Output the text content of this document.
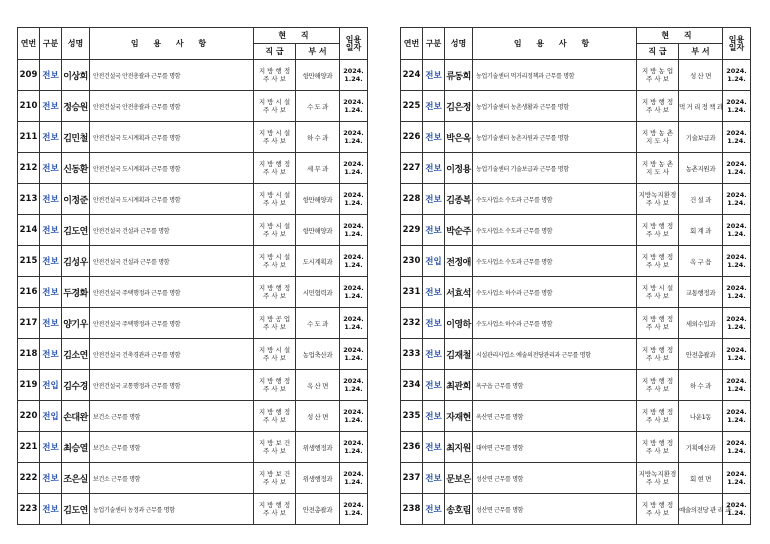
연번	구분	성명	임 용 사 항	현 직		임용
일자

				직 급	부 서	
209	전보	이상희	안전건설국 안전총괄과 근무를 명함	지 방 행 정
주 사 보	항만해양과	2024.
1.24.

210	전보	정승원	안전건설국 안전총괄과 근무를 명함	지 방 시 설
주 사 보	수 도 과	2024.
1.24.

211	전보	김민철	안전건설국 도시계획과 근무를 명함	지 방 시 설
주 사 보	하 수 과	2024.
1.24.

212	전보	신동환	안전건설국 도시계획과 근무를 명함	지 방 행 정
주 사 보	세 무 과	2024.
1.24.

213	전보	이정준	안전건설국 도시계획과 근무를 명함	지 방 시 설
주 사 보	항만해양과	2024.
1.24.

214	전보	김도연	안전건설국 건설과 근무를 명함	지 방 시 설
주 사 보	항만해양과	2024.
1.24.

215	전보	김성우	안전건설국 건설과 근무를 명함	지 방 시 설
주 사 보	도시계획과	2024.
1.24.

216	전보	두경화	안전건설국 주택행정과 근무를 명함	지 방 행 정
주 사 보	시민협력과	2024.
1.24.

217	전보	양기우	안전건설국 주택행정과 근무를 명함	지 방 공 업
주 사 보	수 도 과	2024.
1.24.

218	전보	김소연	안전건설국 건축경관과 근무를 명함	지 방 시 설
주 사 보	농업축산과	2024.
1.24.

219	전입	김수경	안전건설국 교통행정과 근무를 명함	지 방 행 정
주 사 보	옥 산 면	2024.
1.24.

220	전입	손대완	보건소 근무를 명함	지 방 행 정
주 사 보	성 산 면	2024.
1.24.

221	전보	최승열	보건소 근무를 명함	지 방 보 건
주 사 보	위생행정과	2024.
1.24.

222	전보	조은실	보건소 근무를 명함	지 방 보 건
주 사 보	위생행정과	2024.
1.24.

223	전보	김도연	농업기술센터 농정과 근무를 명함	지 방 행 정
주 사 보	안전총괄과	2024.
1.24.
연번	구분	성명	임 용 사 항	현 직		임용
일자

				직 급	부 서	
224	전보	류동희	농업기술센터 먹거리정책과 근무를 명함	지 방 농 업
주 사 보	성 산 면	2024.
1.24.

225	전보	김은정	농업기술센터 농촌생활과 근무를 명함	지 방 행 정
주 사 보	먹 거 리 정 책 과	2024.
1.24.

226	전보	박은옥	농업기술센터 농촌지원과 근무를 명함	지 방 농 촌
지 도 사	기술보급과	2024.
1.24.

227	전보	이정용	농업기술센터 기술보급과 근무를 명함	지 방 농 촌
지 도 사	농촌지원과	2024.
1.24.

228	전보	김종복	수도사업소 수도과 근무를 명함	지방녹지환경
주 사 보	건 설 과	2024.
1.24.

229	전보	박순주	수도사업소 수도과 근무를 명함	지 방 행 정
주 사 보	회 계 과	2024.
1.24.

230	전입	전정애	수도사업소 수도과 근무를 명함	지 방 행 정
주 사 보	옥 구 읍	2024.
1.24.

231	전보	서효석	수도사업소 하수과 근무를 명함	지 방 시 설
주 사 보	교통행정과	2024.
1.24.

232	전보	이영하	수도사업소 하수과 근무를 명함	지 방 행 정
주 사 보	세외수입과	2024.
1.24.

233	전보	김재철	시설관리사업소 예술의전당관리과 근무를 명함	지 방 행 정
주 사 보	안전총괄과	2024.
1.24.

234	전보	최관희	옥구읍 근무를 명함	지 방 행 정
주 사 보	하 수 과	2024.
1.24.

235	전보	자재현	옥산면 근무를 명함	지 방 행 정
주 사 보	나운1동	2024.
1.24.

236	전보	최지원	대야면 근무를 명함	지 방 행 정
주 사 보	기획예산과	2024.
1.24.

237	전보	문보은	성산면 근무를 명함	지방녹지환경
주 사 보	회 현 면	2024.
1.24.

238	전보	송호림	성산면 근무를 명함	지 방 행 정
주 사 보	예술의전당 관 리 과	2024.
1.24.
